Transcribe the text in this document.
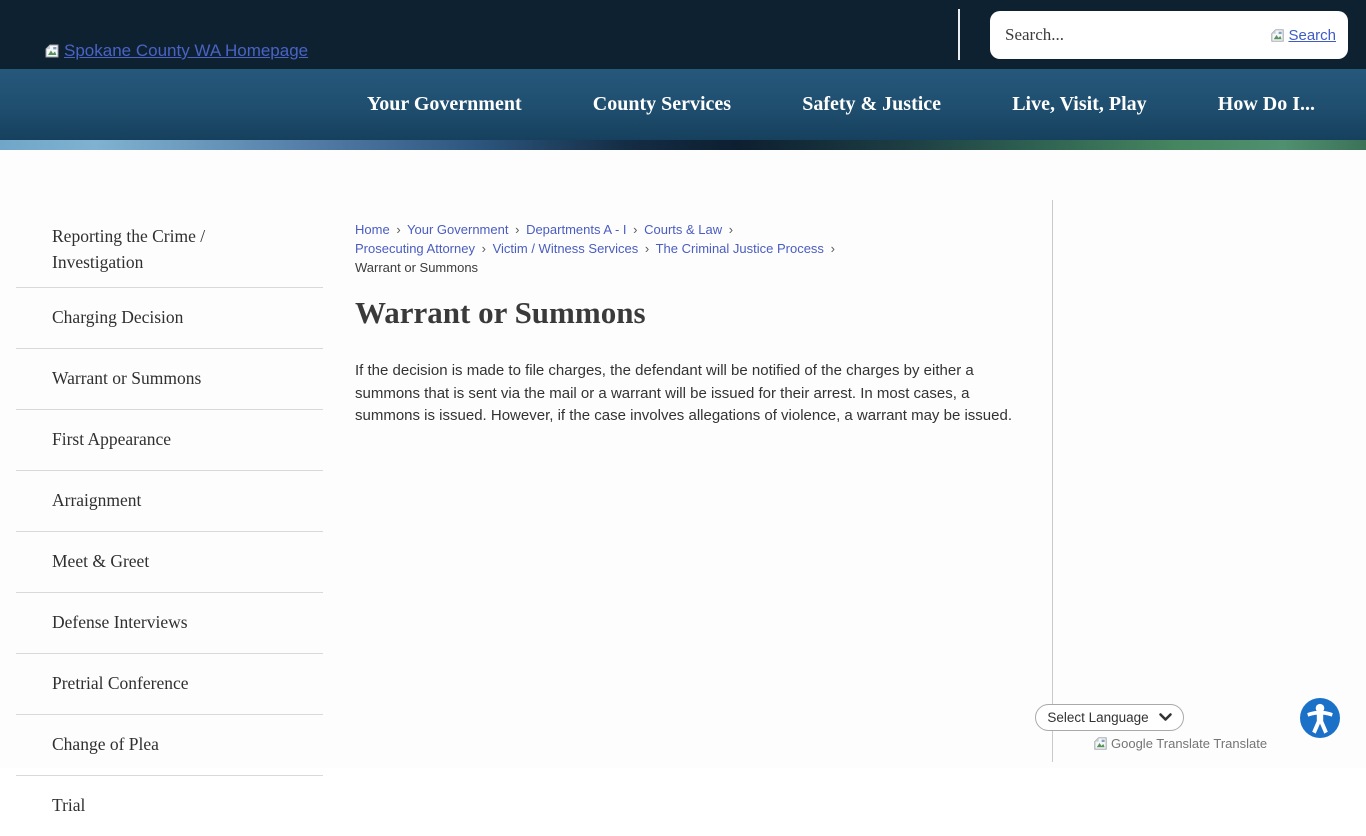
Spokane County WA Homepage
Search...
Search
Your Government	County Services	Safety & Justice	Live, Visit, Play	How Do I...
Reporting the Crime / Investigation
Charging Decision
Warrant or Summons
First Appearance
Arraignment
Meet & Greet
Defense Interviews
Pretrial Conference
Change of Plea
Trial
Home › Your Government › Departments A - I › Courts & Law › Prosecuting Attorney › Victim / Witness Services › The Criminal Justice Process › Warrant or Summons
Warrant or Summons

If the decision is made to file charges, the defendant will be notified of the charges by either a summons that is sent via the mail or a warrant will be issued for their arrest. In most cases, a summons is issued. However, if the case involves allegations of violence, a warrant may be issued.

Select Language
Google Translate Translate
